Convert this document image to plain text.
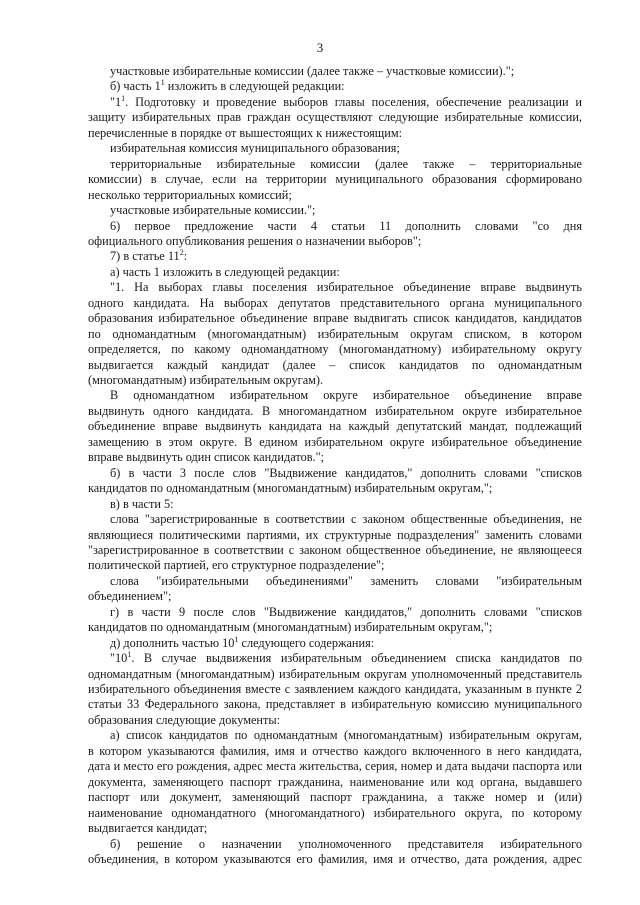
3
участковые избирательные комиссии (далее также – участковые комиссии).";
б) часть $1^1$ изложить в следующей редакции:
"$1^1$. Подготовку и проведение выборов главы поселения, обеспечение реализации и
защиту избирательных прав граждан осуществляют следующие избирательные комиссии,
перечисленные в порядке от вышестоящих к нижестоящим:
избирательная комиссия муниципального образования;
территориальные избирательные комиссии (далее также – территориальные
комиссии) в случае, если на территории муниципального образования сформировано
несколько территориальных комиссий;
участковые избирательные комиссии.";
6) первое предложение части 4 статьи 11 дополнить словами "со дня
официального опубликования решения о назначении выборов";
7) в статье $11^2$:
а) часть 1 изложить в следующей редакции:
"1. На выборах главы поселения избирательное объединение вправе выдвинуть
одного кандидата. На выборах депутатов представительного органа муниципального
образования избирательное объединение вправе выдвигать список кандидатов, кандидатов
по одномандатным (многомандатным) избирательным округам списком, в котором
определяется, по какому одномандатному (многомандатному) избирательному округу
выдвигается каждый кандидат (далее – список кандидатов по одномандатным
(многомандатным) избирательным округам).
В одномандатном избирательном округе избирательное объединение вправе
выдвинуть одного кандидата. В многомандатном избирательном округе избирательное
объединение вправе выдвинуть кандидата на каждый депутатский мандат, подлежащий
замещению в этом округе. В едином избирательном округе избирательное объединение
вправе выдвинуть один список кандидатов.";
б) в части 3 после слов "Выдвижение кандидатов," дополнить словами "списков
кандидатов по одномандатным (многомандатным) избирательным округам,";
в) в части 5:
слова "зарегистрированные в соответствии с законом общественные объединения, не
являющиеся политическими партиями, их структурные подразделения" заменить словами
"зарегистрированное в соответствии с законом общественное объединение, не являющееся
политической партией, его структурное подразделение";
слова "избирательными объединениями" заменить словами "избирательным
объединением";
г) в части 9 после слов "Выдвижение кандидатов," дополнить словами "списков
кандидатов по одномандатным (многомандатным) избирательным округам,";
д) дополнить частью $10^1$ следующего содержания:
"$10^1$. В случае выдвижения избирательным объединением списка кандидатов по
одномандатным (многомандатным) избирательным округам уполномоченный представитель
избирательного объединения вместе с заявлением каждого кандидата, указанным в пункте 2
статьи 33 Федерального закона, представляет в избирательную комиссию муниципального
образования следующие документы:
а) список кандидатов по одномандатным (многомандатным) избирательным округам,
в котором указываются фамилия, имя и отчество каждого включенного в него кандидата,
дата и место его рождения, адрес места жительства, серия, номер и дата выдачи паспорта или
документа, заменяющего паспорт гражданина, наименование или код органа, выдавшего
паспорт или документ, заменяющий паспорт гражданина, а также номер и (или)
наименование одномандатного (многомандатного) избирательного округа, по которому
выдвигается кандидат;
б) решение о назначении уполномоченного представителя избирательного
объединения, в котором указываются его фамилия, имя и отчество, дата рождения, адрес
